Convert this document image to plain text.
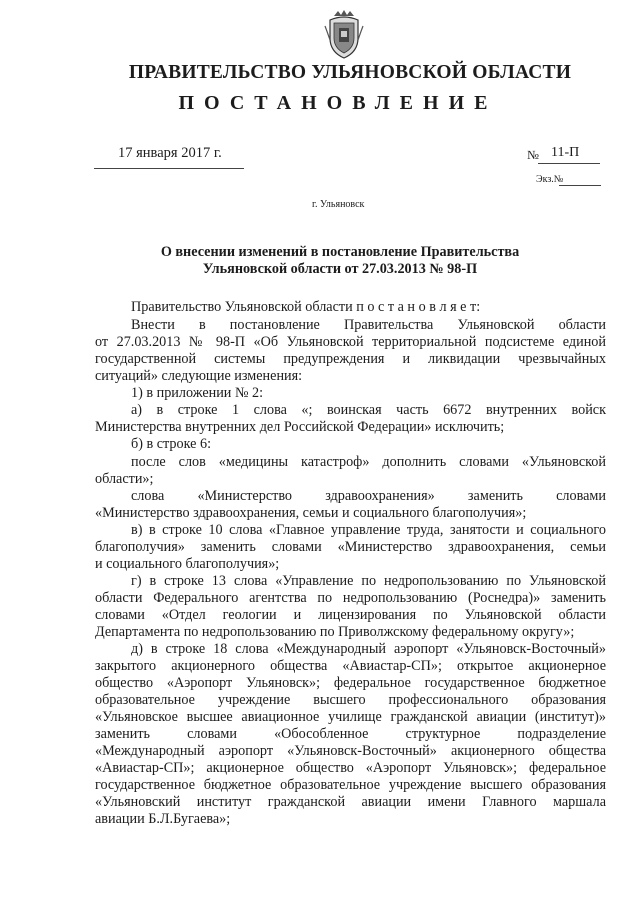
ПРАВИТЕЛЬСТВО УЛЬЯНОВСКОЙ ОБЛАСТИ
ПОСТАНОВЛЕНИЕ
17 января 2017 г.	№ 11-П
Экз.№
г. Ульяновск
О внесении изменений в постановление Правительства
Ульяновской области от 27.03.2013 № 98-П
Правительство Ульяновской области п о с т а н о в л я е т:
Внести в постановление Правительства Ульяновской области
от 27.03.2013 № 98-П «Об Ульяновской территориальной подсистеме единой
государственной системы предупреждения и ликвидации чрезвычайных
ситуаций» следующие изменения:
1) в приложении № 2:
а) в строке 1 слова «; воинская часть 6672 внутренних войск
Министерства внутренних дел Российской Федерации» исключить;
б) в строке 6:
после слов «медицины катастроф» дополнить словами «Ульяновской
области»;
слова «Министерство здравоохранения» заменить словами
«Министерство здравоохранения, семьи и социального благополучия»;
в) в строке 10 слова «Главное управление труда, занятости и социального
благополучия» заменить словами «Министерство здравоохранения, семьи
и социального благополучия»;
г) в строке 13 слова «Управление по недропользованию по Ульяновской
области Федерального агентства по недропользованию (Роснедра)» заменить
словами «Отдел геологии и лицензирования по Ульяновской области
Департамента по недропользованию по Приволжскому федеральному округу»;
д) в строке 18 слова «Международный аэропорт «Ульяновск-Восточный»
закрытого акционерного общества «Авиастар-СП»; открытое акционерное
общество «Аэропорт Ульяновск»; федеральное государственное бюджетное
образовательное учреждение высшего профессионального образования
«Ульяновское высшее авиационное училище гражданской авиации (институт)»
заменить словами «Обособленное структурное подразделение
«Международный аэропорт «Ульяновск-Восточный» акционерного общества
«Авиастар-СП»; акционерное общество «Аэропорт Ульяновск»; федеральное
государственное бюджетное образовательное учреждение высшего образования
«Ульяновский институт гражданской авиации имени Главного маршала
авиации Б.Л.Бугаева»;
